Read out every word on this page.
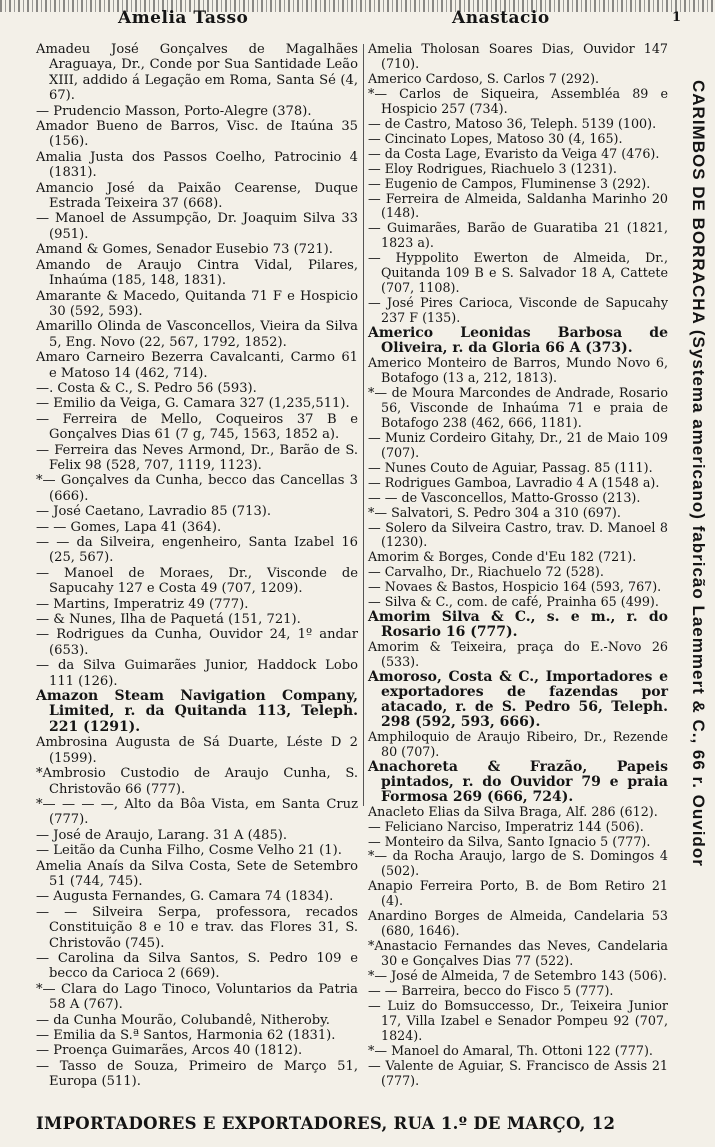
Amelia Tasso	Anastacio	1
Amadeu José Gonçalves de Magalhães Araguaya, Dr., Conde por Sua Santidade Leão XIII, addido á Legação em Roma, Santa Sé (4, 67).
— Prudencio Masson, Porto-Alegre (378).
Amador Bueno de Barros, Visc. de Itaúna 35 (156).
Amalia Justa dos Passos Coelho, Patrocinio 4 (1831).
Amancio José da Paixão Cearense, Duque Estrada Teixeira 37 (668).
— Manoel de Assumpção, Dr. Joaquim Silva 33 (951).
Amand & Gomes, Senador Eusebio 73 (721).
Amando de Araujo Cintra Vidal, Pilares, Inhaúma (185, 148, 1831).
Amarante & Macedo, Quitanda 71 F e Hospicio 30 (592, 593).
Amarillo Olinda de Vasconcellos, Vieira da Silva 5, Eng. Novo (22, 567, 1792, 1852).
Amaro Carneiro Bezerra Cavalcanti, Carmo 61 e Matoso 14 (462, 714).
—. Costa & C., S. Pedro 56 (593).
— Emilio da Veiga, G. Camara 327 (1,235,511).
— Ferreira de Mello, Coqueiros 37 B e Gonçalves Dias 61 (7 g, 745, 1563, 1852 a).
— Ferreira das Neves Armond, Dr., Barão de S. Felix 98 (528, 707, 1119, 1123).
*— Gonçalves da Cunha, becco das Cancellas 3 (666).
— José Caetano, Lavradio 85 (713).
— — Gomes, Lapa 41 (364).
— — da Silveira, engenheiro, Santa Izabel 16 (25, 567).
— Manoel de Moraes, Dr., Visconde de Sapucahy 127 e Costa 49 (707, 1209).
— Martins, Imperatriz 49 (777).
— & Nunes, Ilha de Paquetá (151, 721).
— Rodrigues da Cunha, Ouvidor 24, 1º andar (653).
— da Silva Guimarães Junior, Haddock Lobo 111 (126).
Amazon Steam Navigation Company, Limited, r. da Quitanda 113, Teleph. 221 (1291).
Ambrosina Augusta de Sá Duarte, Léste D 2 (1599).
*Ambrosio Custodio de Araujo Cunha, S. Christovão 66 (777).
*— — — —, Alto da Bôa Vista, em Santa Cruz (777).
— José de Araujo, Larang. 31 A (485).
— Leitão da Cunha Filho, Cosme Velho 21 (1).
Amelia Anaís da Silva Costa, Sete de Setembro 51 (744, 745).
— Augusta Fernandes, G. Camara 74 (1834).
— — Silveira Serpa, professora, recados Constituição 8 e 10 e trav. das Flores 31, S. Christovão (745).
— Carolina da Silva Santos, S. Pedro 109 e becco da Carioca 2 (669).
*— Clara do Lago Tinoco, Voluntarios da Patria 58 A (767).
— da Cunha Mourão, Colubandê, Nitheroby.
— Emilia da S.ª Santos, Harmonia 62 (1831).
— Proença Guimarães, Arcos 40 (1812).
— Tasso de Souza, Primeiro de Março 51, Europa (511).
Amelia Tholosan Soares Dias, Ouvidor 147 (710).
Americo Cardoso, S. Carlos 7 (292).
*— Carlos de Siqueira, Assembléa 89 e Hospicio 257 (734).
— de Castro, Matoso 36, Teleph. 5139 (100).
— Cincinato Lopes, Matoso 30 (4, 165).
— da Costa Lage, Evaristo da Veiga 47 (476).
— Eloy Rodrigues, Riachuelo 3 (1231).
— Eugenio de Campos, Fluminense 3 (292).
— Ferreira de Almeida, Saldanha Marinho 20 (148).
— Guimarães, Barão de Guaratiba 21 (1821, 1823 a).
— Hyppolito Ewerton de Almeida, Dr., Quitanda 109 B e S. Salvador 18 A, Cattete (707, 1108).
— José Pires Carioca, Visconde de Sapucahy 237 F (135).
Americo Leonidas Barbosa de Oliveira, r. da Gloria 66 A (373).
Americo Monteiro de Barros, Mundo Novo 6, Botafogo (13 a, 212, 1813).
*— de Moura Marcondes de Andrade, Rosario 56, Visconde de Inhaúma 71 e praia de Botafogo 238 (462, 666, 1181).
— Muniz Cordeiro Gitahy, Dr., 21 de Maio 109 (707).
— Nunes Couto de Aguiar, Passag. 85 (111).
— Rodrigues Gamboa, Lavradio 4 A (1548 a).
— — de Vasconcellos, Matto-Grosso (213).
*— Salvatori, S. Pedro 304 a 310 (697).
— Solero da Silveira Castro, trav. D. Manoel 8 (1230).
Amorim & Borges, Conde d'Eu 182 (721).
— Carvalho, Dr., Riachuelo 72 (528).
— Novaes & Bastos, Hospicio 164 (593, 767).
— Silva & C., com. de café, Prainha 65 (499).
Amorim Silva & C., s. e m., r. do Rosario 16 (777).
Amorim & Teixeira, praça do E.-Novo 26 (533).
Amoroso, Costa & C., Importadores e exportadores de fazendas por atacado, r. de S. Pedro 56, Teleph. 298 (592, 593, 666).
Amphiloquio de Araujo Ribeiro, Dr., Rezende 80 (707).
Anachoreta & Frazão, Papeis pintados, r. do Ouvidor 79 e praia Formosa 269 (666, 724).
Anacleto Elias da Silva Braga, Alf. 286 (612).
— Feliciano Narciso, Imperatriz 144 (506).
— Monteiro da Silva, Santo Ignacio 5 (777).
*— da Rocha Araujo, largo de S. Domingos 4 (502).
Anapio Ferreira Porto, B. de Bom Retiro 21 (4).
Anardino Borges de Almeida, Candelaria 53 (680, 1646).
*Anastacio Fernandes das Neves, Candelaria 30 e Gonçalves Dias 77 (522).
*— José de Almeida, 7 de Setembro 143 (506).
— — Barreira, becco do Fisco 5 (777).
— Luiz do Bomsuccesso, Dr., Teixeira Junior 17, Villa Izabel e Senador Pompeu 92 (707, 1824).
*— Manoel do Amaral, Th. Ottoni 122 (777).
— Valente de Aguiar, S. Francisco de Assis 21 (777).
CARIMBOS DE BORRACHA (Systema americano) fabricão Laemmert & C., 66 r. Ouvidor
IMPORTADORES E EXPORTADORES, RUA 1.º DE MARÇO, 12
